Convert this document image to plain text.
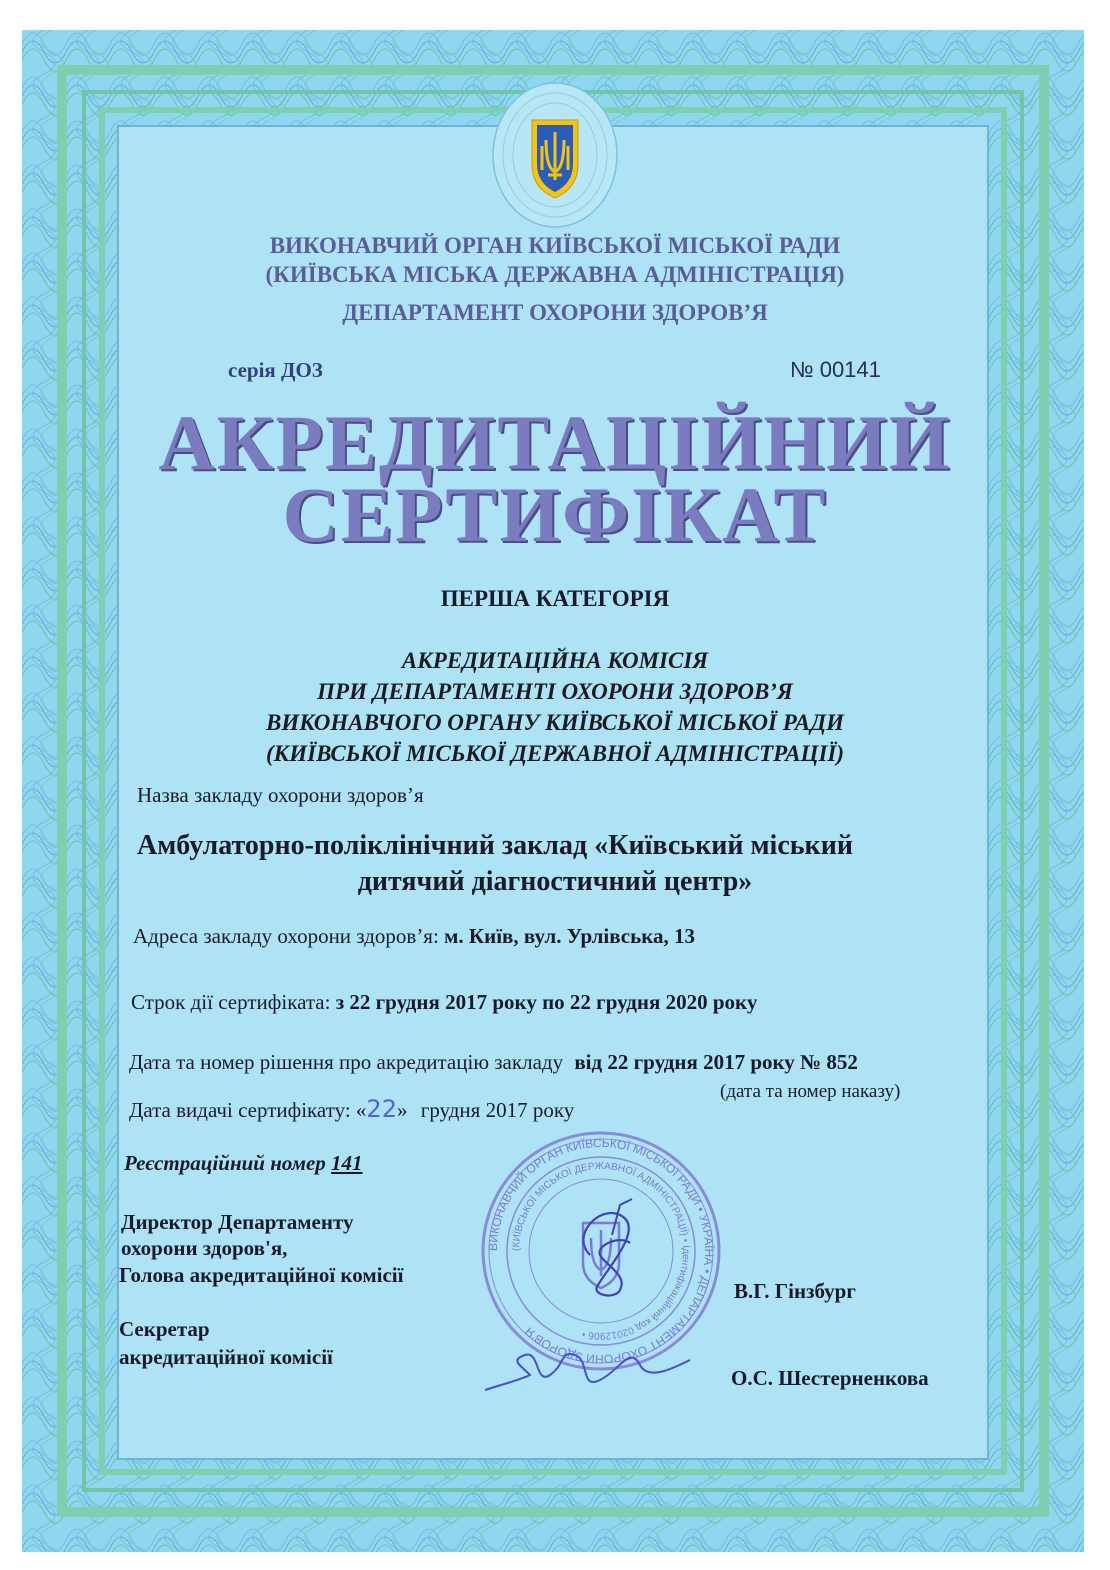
ВИКОНАВЧИЙ ОРГАН КИЇВСЬКОЇ МІСЬКОЇ РАДИ
(КИЇВСЬКА МІСЬКА ДЕРЖАВНА АДМІНІСТРАЦІЯ)
ДЕПАРТАМЕНТ ОХОРОНИ ЗДОРОВ’Я
серія ДОЗ	№ 00141
АКРЕДИТАЦІЙНИЙ
СЕРТИФІКАТ
ПЕРША КАТЕГОРІЯ
АКРЕДИТАЦІЙНА КОМІСІЯ
ПРИ ДЕПАРТАМЕНТІ ОХОРОНИ ЗДОРОВ’Я
ВИКОНАВЧОГО ОРГАНУ КИЇВСЬКОЇ МІСЬКОЇ РАДИ
(КИЇВСЬКОЇ МІСЬКОЇ ДЕРЖАВНОЇ АДМІНІСТРАЦІЇ)
Назва закладу охорони здоров’я
Амбулаторно-поліклінічний заклад «Київський міський
дитячий діагностичний центр»
Адреса закладу охорони здоров’я: м. Київ, вул. Урлівська, 13
Строк дії сертифіката: з 22 грудня 2017 року по 22 грудня 2020 року
Дата та номер рішення про акредитацію закладу від 22 грудня 2017 року № 852
(дата та номер наказу)
Дата видачі сертифікату: «22» грудня 2017 року
Реєстраційний номер 141
ВИКОНАВЧИЙ ОРГАН КИЇВСЬКОЇ МІСЬКОЇ РАДИ • УКРАЇНА • ДЕПАРТАМЕНТ ОХОРОНИ ЗДОРОВ'Я
(КИЇВСЬКОЇ МІСЬКОЇ ДЕРЖАВНОЇ АДМІНІСТРАЦІЇ) • Ідентифікаційний код 02012906 •
Директор Департаменту
охорони здоров'я,
Голова акредитаційної комісії
В.Г. Гінзбург
Секретар
акредитаційної комісії
О.С. Шестерненкова
